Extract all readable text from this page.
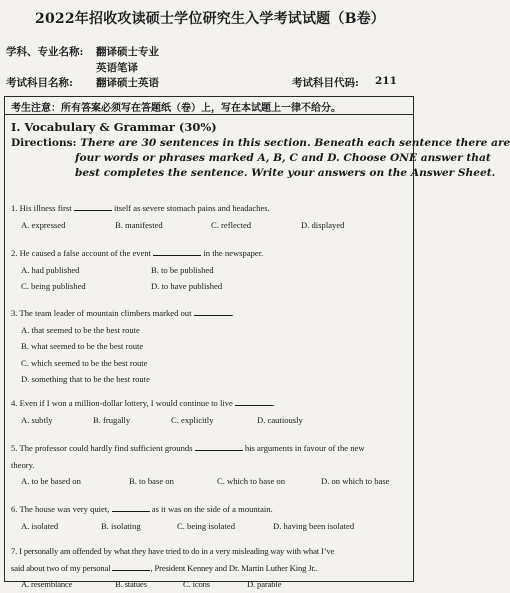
2022年招收攻读硕士学位研究生入学考试试题（B卷）
学科、专业名称: 翻译硕士专业
英语笔译
考试科目名称: 翻译硕士英语	考试科目代码: 211
考生注意：所有答案必须写在答题纸（卷）上，写在本试题上一律不给分。
I. Vocabulary & Grammar (30%)
Directions: There are 30 sentences in this section. Beneath each sentence there are
four words or phrases marked A, B, C and D. Choose ONE answer that
best completes the sentence. Write your answers on the Answer Sheet.
1. His illness first	itself as severe stomach pains and headaches.
A. expressed	B. manifested	C. reflected	D. displayed
2. He caused a false account of the event	in the newspaper.
A. had published	B. to be published
C. being published	D. to have published
3. The team leader of mountain climbers marked out	.
A. that seemed to be the best route
B. what seemed to be the best route
C. which seemed to be the best route
D. something that to be the best route
4. Even if I won a million-dollar lottery, I would continue to live	.
A. subtly	B. frugally	C. explicitly	D. cautiously
5. The professor could hardly find sufficient grounds	his arguments in favour of the new
theory.
A. to be based on	B. to base on	C. which to base on	D. on which to base
6. The house was very quiet,	as it was on the side of a mountain.
A. isolated	B. isolating	C. being isolated	D. having been isolated
7. I personally am offended by what they have tried to do in a very misleading way with what I’ve
said about two of my personal	, President Kenney and Dr. Martin Luther King Jr..
A. resemblance	B. statues	C. icons	D. parable
